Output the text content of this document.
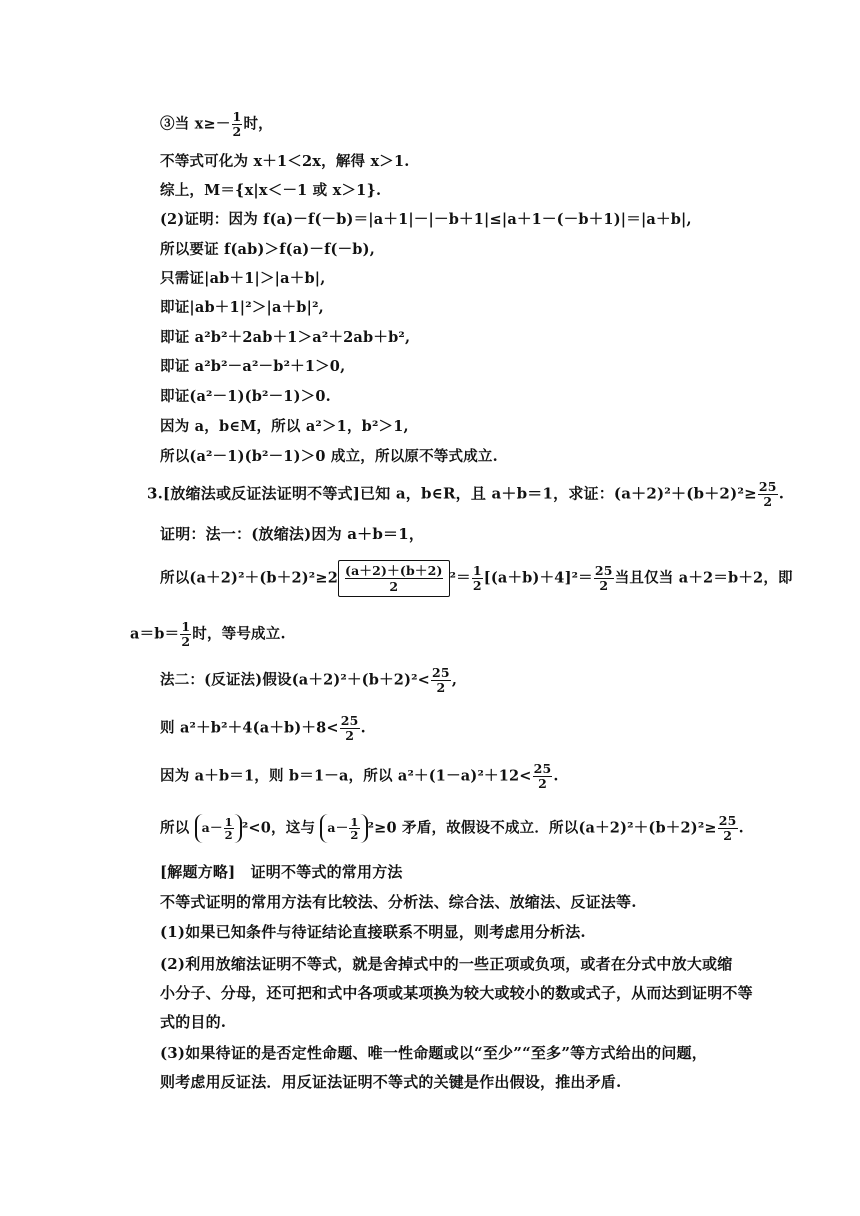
③当 $x\ge- \frac{1}{2}$ 时，
不等式可化为 x＋1＜2x，解得 x＞1.
综上，M＝{x|x＜－1 或 x＞1}.
(2)证明：因为 f(a)－f(－b)＝|a＋1|－|－b＋1|≤|a＋1－(－b＋1)|＝|a＋b|,
所以要证 f(ab)＞f(a)－f(－b),
只需证|ab＋1|＞|a＋b|,
即证|ab＋1|²＞|a＋b|²,
即证 a²b²＋2ab＋1＞a²＋2ab＋b²,
即证 a²b²－a²－b²＋1＞0,
即证(a²－1)(b²－1)＞0.
因为 a，b∈M，所以 a²＞1，b²＞1,
所以(a²－1)(b²－1)＞0 成立，所以原不等式成立.
3.[放缩法或反证法证明不等式]已知 a，b∈R，且 a＋b＝1，求证：$(a+2)^2+(b+2)^2\ge \frac{25}{2}$ .
证明：法一：(放缩法)因为 a＋b＝1，
所以$(a+2)^2+(b+2)^2\ge 2 \frac{(a+2)+(b+2)}{2}^2= \frac{1}{2} [(a+b)+4]^2= \frac{25}{2}$ 当且仅当 a＋2＝b＋2，即
$a=b= \frac{1}{2}$ 时，等号成立.
法二：(反证法)假设$(a+2)^2+(b+2)^2< \frac{25}{2}$ ,
则 $a^2+b^2+4(a+b)+8< \frac{25}{2}$ .
因为 a＋b＝1，则 b＝1－a，所以 $a^2+(1-a)^2+12< \frac{25}{2}$ .
所以 $a- \frac{1}{2} ^2<0$，这与 $a- \frac{1}{2} ^2\ge 0$ 矛盾，故假设不成立．所以$(a+2)^2+(b+2)^2\ge \frac{25}{2}$ .
[解题方略]　证明不等式的常用方法
不等式证明的常用方法有比较法、分析法、综合法、放缩法、反证法等.
(1)如果已知条件与待证结论直接联系不明显，则考虑用分析法.
(2)利用放缩法证明不等式，就是舍掉式中的一些正项或负项，或者在分式中放大或缩
小分子、分母，还可把和式中各项或某项换为较大或较小的数或式子，从而达到证明不等
式的目的.
(3)如果待证的是否定性命题、唯一性命题或以“至少”“至多”等方式给出的问题，
则考虑用反证法．用反证法证明不等式的关键是作出假设，推出矛盾.
